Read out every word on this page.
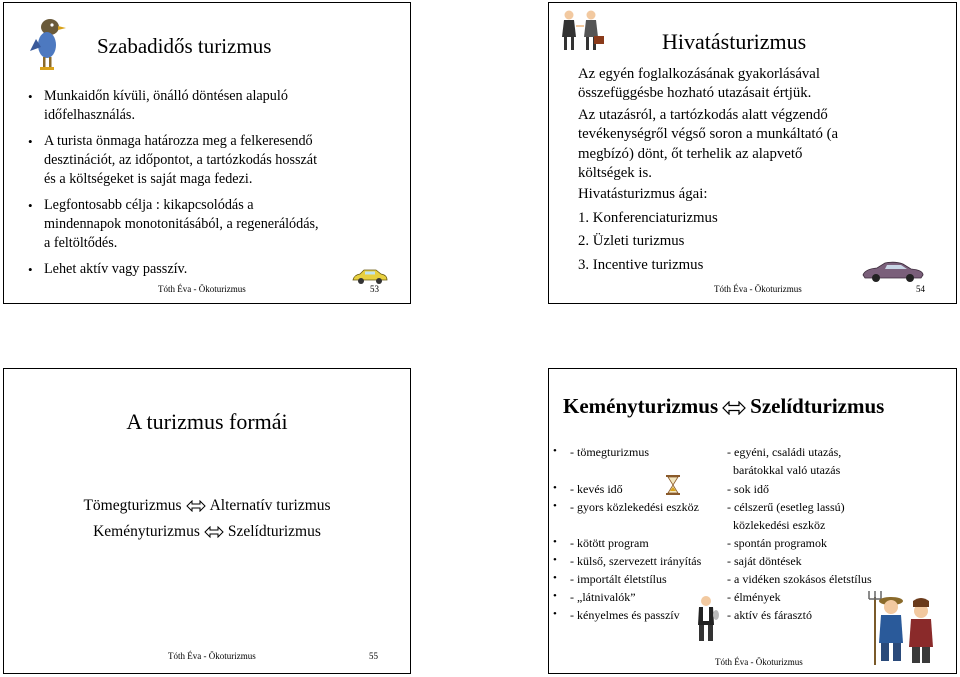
Szabadidős turizmus
• Munkaidőn kívüli, önálló döntésen alapuló
időfelhasználás.
• A turista önmaga határozza meg a felkeresendő
desztinációt, az időpontot, a tartózkodás hosszát
és a költségeket is saját maga fedezi.
• Legfontosabb célja : kikapcsolódás a
mindennapok monotonitásából, a regenerálódás,
a feltöltődés.
• Lehet aktív vagy passzív.
Tóth Éva - Ökoturizmus	53
Hivatásturizmus
Az egyén foglalkozásának gyakorlásával
összefüggésbe hozható utazásait értjük.
Az utazásról, a tartózkodás alatt végzendő
tevékenységről végső soron a munkáltató (a
megbízó) dönt, őt terhelik az alapvető
költségek is.
Hivatásturizmus ágai:
1. Konferenciaturizmus
2. Üzleti turizmus
3. Incentive turizmus
Tóth Éva - Ökoturizmus	54
A turizmus formái
Tömegturizmus Alternatív turizmus
Keményturizmus Szelídturizmus
Tóth Éva - Ökoturizmus	55
Keményturizmus Szelídturizmus
• - tömegturizmus	- egyéni, családi utazás,
barátokkal való utazás
• - kevés idő	- sok idő
• - gyors közlekedési eszköz - célszerű (esetleg lassú)
közlekedési eszköz
• - kötött program	- spontán programok
• - külső, szervezett irányítás - saját döntések
• - importált életstílus	- a vidéken szokásos életstílus
• - „látnivalók”	- élmények
• - kényelmes és passzív	- aktív és fárasztó
Tóth Éva - Ökoturizmus
